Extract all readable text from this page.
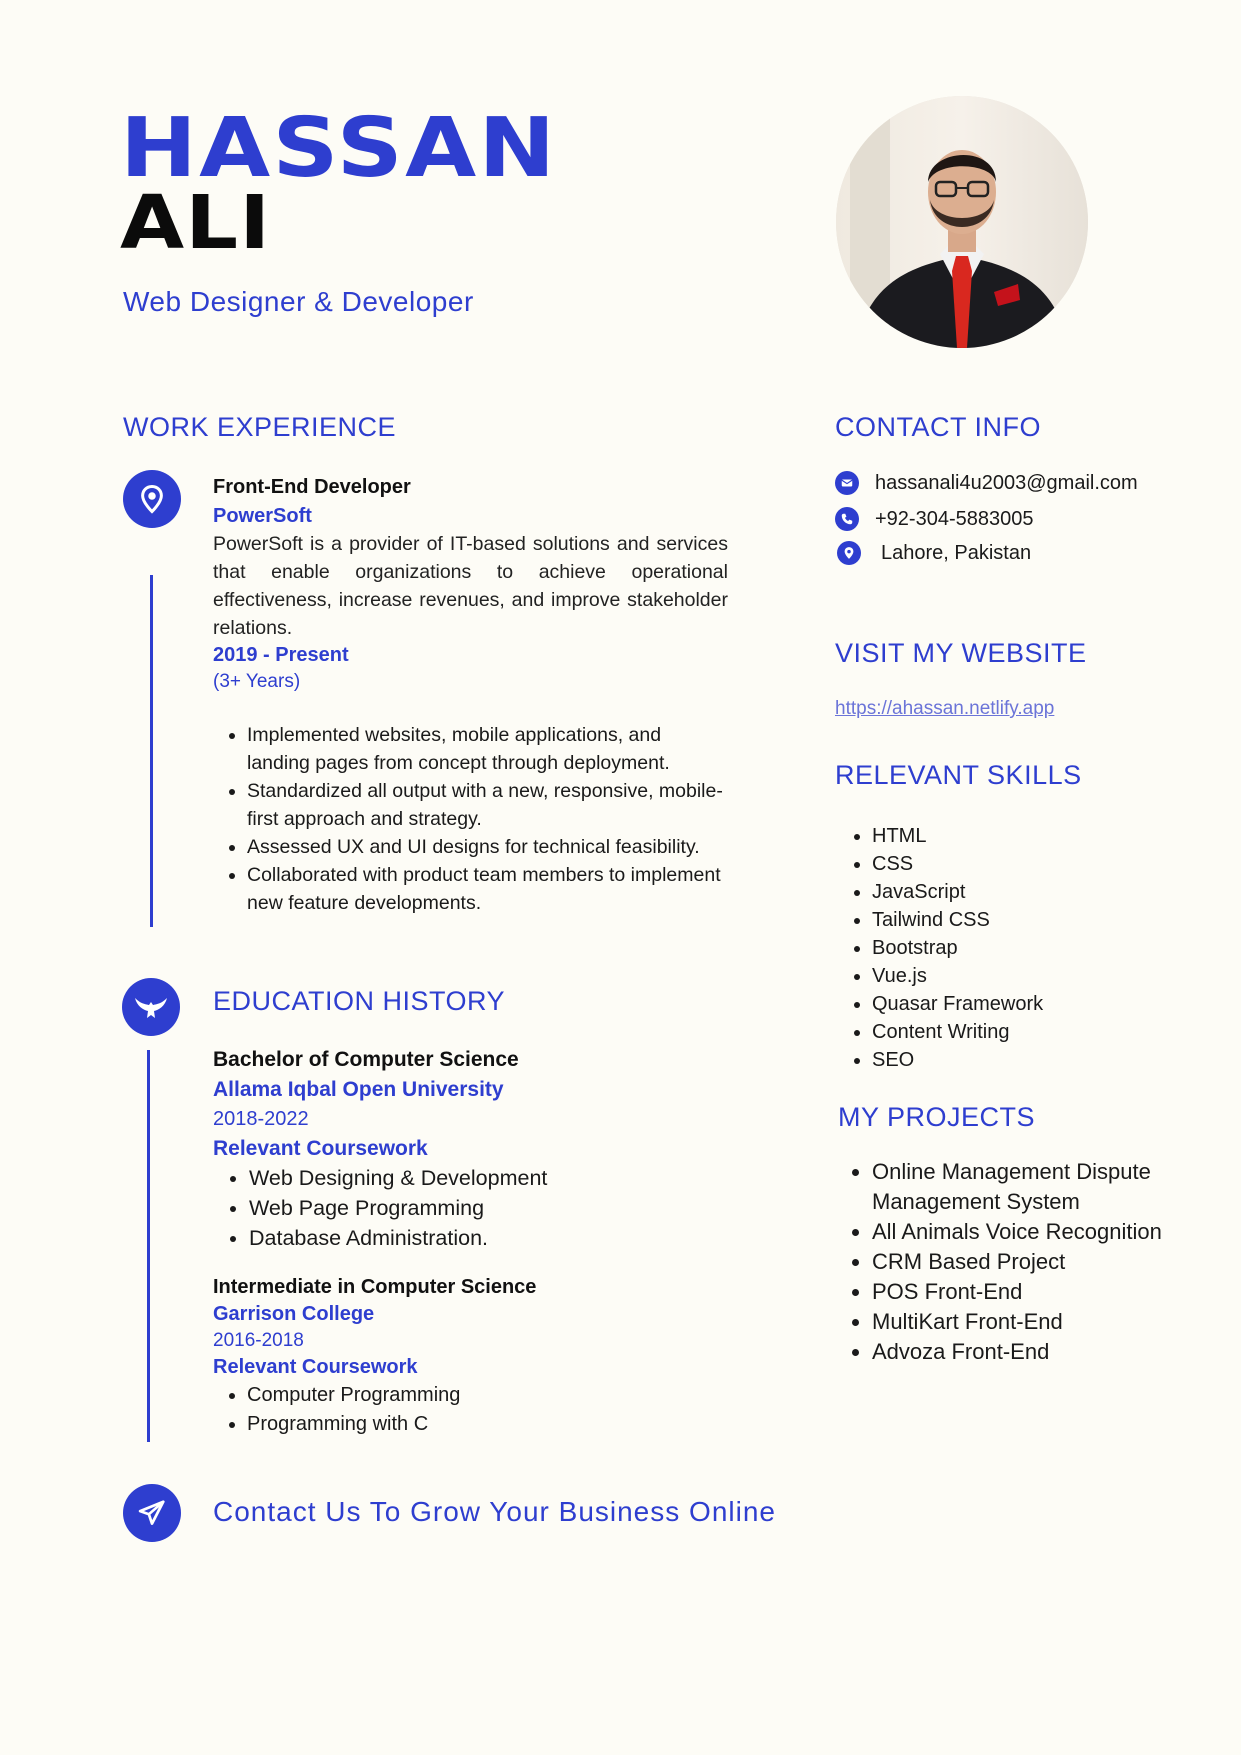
HASSAN
ALI
Web Designer & Developer
WORK EXPERIENCE
Front-End Developer
PowerSoft
PowerSoft is a provider of IT-based solutions and services that enable organizations to achieve operational effectiveness, increase revenues, and improve stakeholder relations.
2019 - Present
(3+ Years)
• Implemented websites, mobile applications, and landing pages from concept through deployment.
• Standardized all output with a new, responsive, mobile-first approach and strategy.
• Assessed UX and UI designs for technical feasibility.
• Collaborated with product team members to implement new feature developments.
EDUCATION HISTORY
Bachelor of Computer Science
Allama Iqbal Open University
2018-2022
Relevant Coursework
• Web Designing & Development
• Web Page Programming
• Database Administration.
Intermediate in Computer Science
Garrison College
2016-2018
Relevant Coursework
• Computer Programming
• Programming with C
Contact Us To Grow Your Business Online
CONTACT INFO
hassanali4u2003@gmail.com
+92-304-5883005
Lahore, Pakistan
VISIT MY WEBSITE
https://ahassan.netlify.app
RELEVANT SKILLS
• HTML
• CSS
• JavaScript
• Tailwind CSS
• Bootstrap
• Vue.js
• Quasar Framework
• Content Writing
• SEO
MY PROJECTS
• Online Management Dispute Management System
• All Animals Voice Recognition
• CRM Based Project
• POS Front-End
• MultiKart Front-End
• Advoza Front-End
